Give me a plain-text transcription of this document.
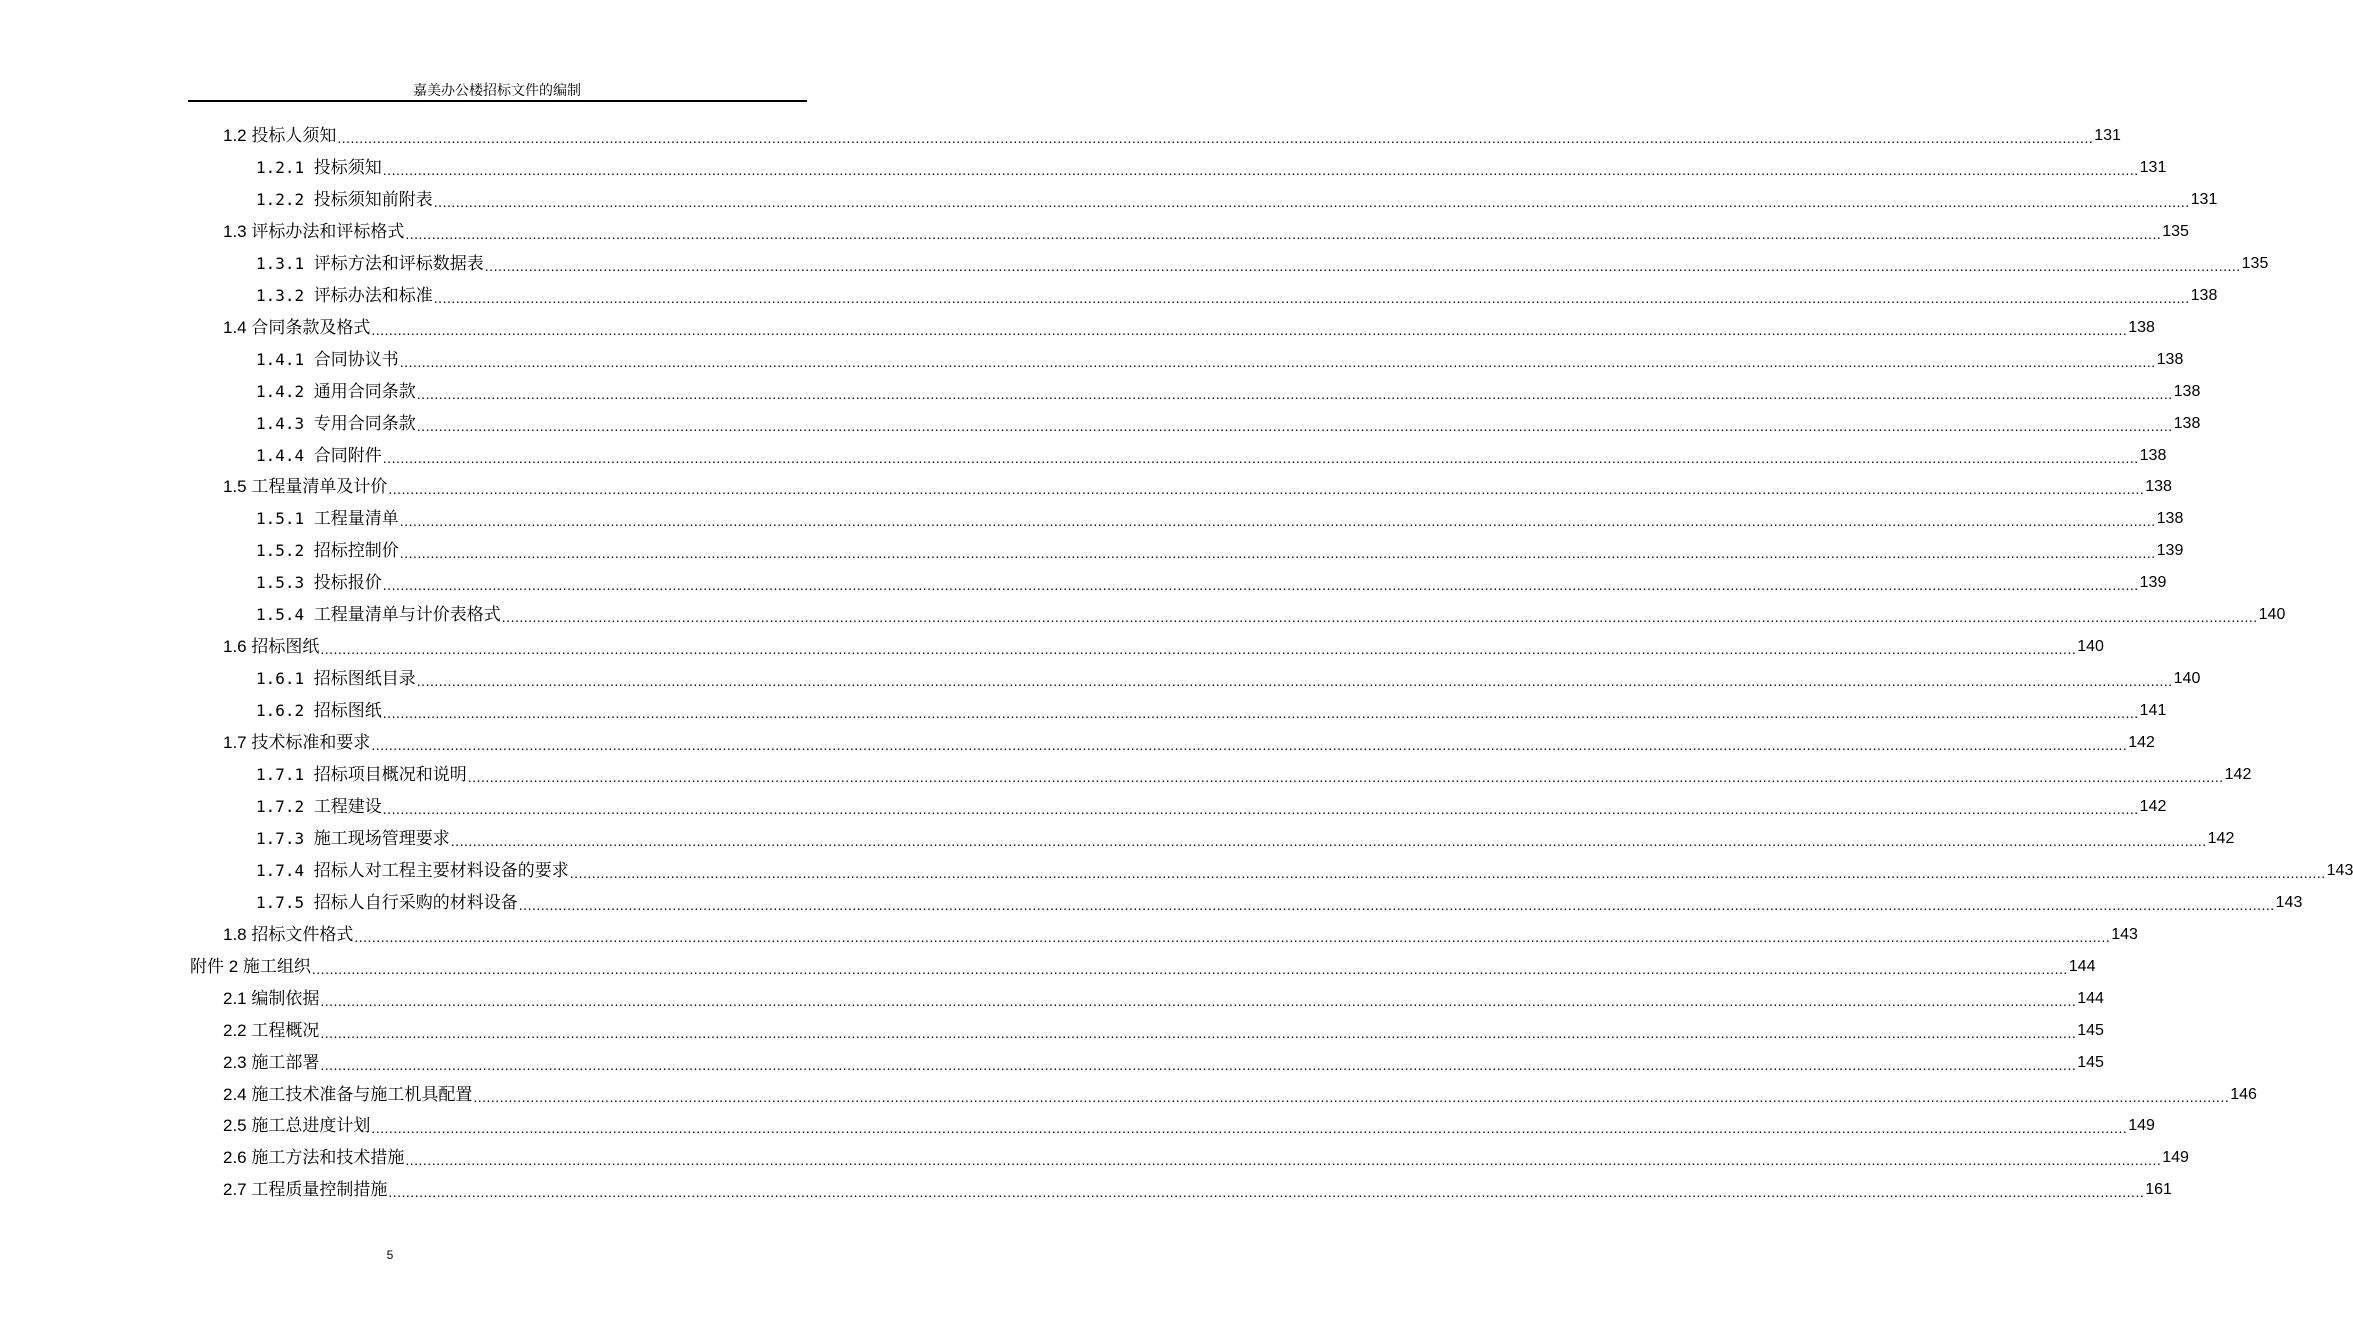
嘉美办公楼招标文件的编制
1.2 投标人须知 ................................................................................................................................................................................................................................................................................................................................................................................................................ 131
1.2.1 投标须知 ................................................................................................................................................................................................................................................................................................................................................................................................................ 131
1.2.2 投标须知前附表 ................................................................................................................................................................................................................................................................................................................................................................................................................ 131
1.3 评标办法和评标格式 ................................................................................................................................................................................................................................................................................................................................................................................................................ 135
1.3.1 评标方法和评标数据表 ................................................................................................................................................................................................................................................................................................................................................................................................................ 135
1.3.2 评标办法和标准 ................................................................................................................................................................................................................................................................................................................................................................................................................ 138
1.4 合同条款及格式 ................................................................................................................................................................................................................................................................................................................................................................................................................ 138
1.4.1 合同协议书 ................................................................................................................................................................................................................................................................................................................................................................................................................ 138
1.4.2 通用合同条款 ................................................................................................................................................................................................................................................................................................................................................................................................................ 138
1.4.3 专用合同条款 ................................................................................................................................................................................................................................................................................................................................................................................................................ 138
1.4.4 合同附件 ................................................................................................................................................................................................................................................................................................................................................................................................................ 138
1.5 工程量清单及计价 ................................................................................................................................................................................................................................................................................................................................................................................................................ 138
1.5.1 工程量清单 ................................................................................................................................................................................................................................................................................................................................................................................................................ 138
1.5.2 招标控制价 ................................................................................................................................................................................................................................................................................................................................................................................................................ 139
1.5.3 投标报价 ................................................................................................................................................................................................................................................................................................................................................................................................................ 139
1.5.4 工程量清单与计价表格式 ................................................................................................................................................................................................................................................................................................................................................................................................................ 140
1.6 招标图纸 ................................................................................................................................................................................................................................................................................................................................................................................................................ 140
1.6.1 招标图纸目录 ................................................................................................................................................................................................................................................................................................................................................................................................................ 140
1.6.2 招标图纸 ................................................................................................................................................................................................................................................................................................................................................................................................................ 141
1.7 技术标准和要求 ................................................................................................................................................................................................................................................................................................................................................................................................................ 142
1.7.1 招标项目概况和说明 ................................................................................................................................................................................................................................................................................................................................................................................................................ 142
1.7.2 工程建设 ................................................................................................................................................................................................................................................................................................................................................................................................................ 142
1.7.3 施工现场管理要求 ................................................................................................................................................................................................................................................................................................................................................................................................................ 142
1.7.4 招标人对工程主要材料设备的要求 ................................................................................................................................................................................................................................................................................................................................................................................................................ 143
1.7.5 招标人自行采购的材料设备 ................................................................................................................................................................................................................................................................................................................................................................................................................ 143
1.8 招标文件格式 ................................................................................................................................................................................................................................................................................................................................................................................................................ 143
附件 2 施工组织 ................................................................................................................................................................................................................................................................................................................................................................................................................ 144
2.1 编制依据 ................................................................................................................................................................................................................................................................................................................................................................................................................ 144
2.2 工程概况 ................................................................................................................................................................................................................................................................................................................................................................................................................ 145
2.3 施工部署 ................................................................................................................................................................................................................................................................................................................................................................................................................ 145
2.4 施工技术准备与施工机具配置 ................................................................................................................................................................................................................................................................................................................................................................................................................ 146
2.5 施工总进度计划 ................................................................................................................................................................................................................................................................................................................................................................................................................ 149
2.6 施工方法和技术措施 ................................................................................................................................................................................................................................................................................................................................................................................................................ 149
2.7 工程质量控制措施 ................................................................................................................................................................................................................................................................................................................................................................................................................ 161
5
